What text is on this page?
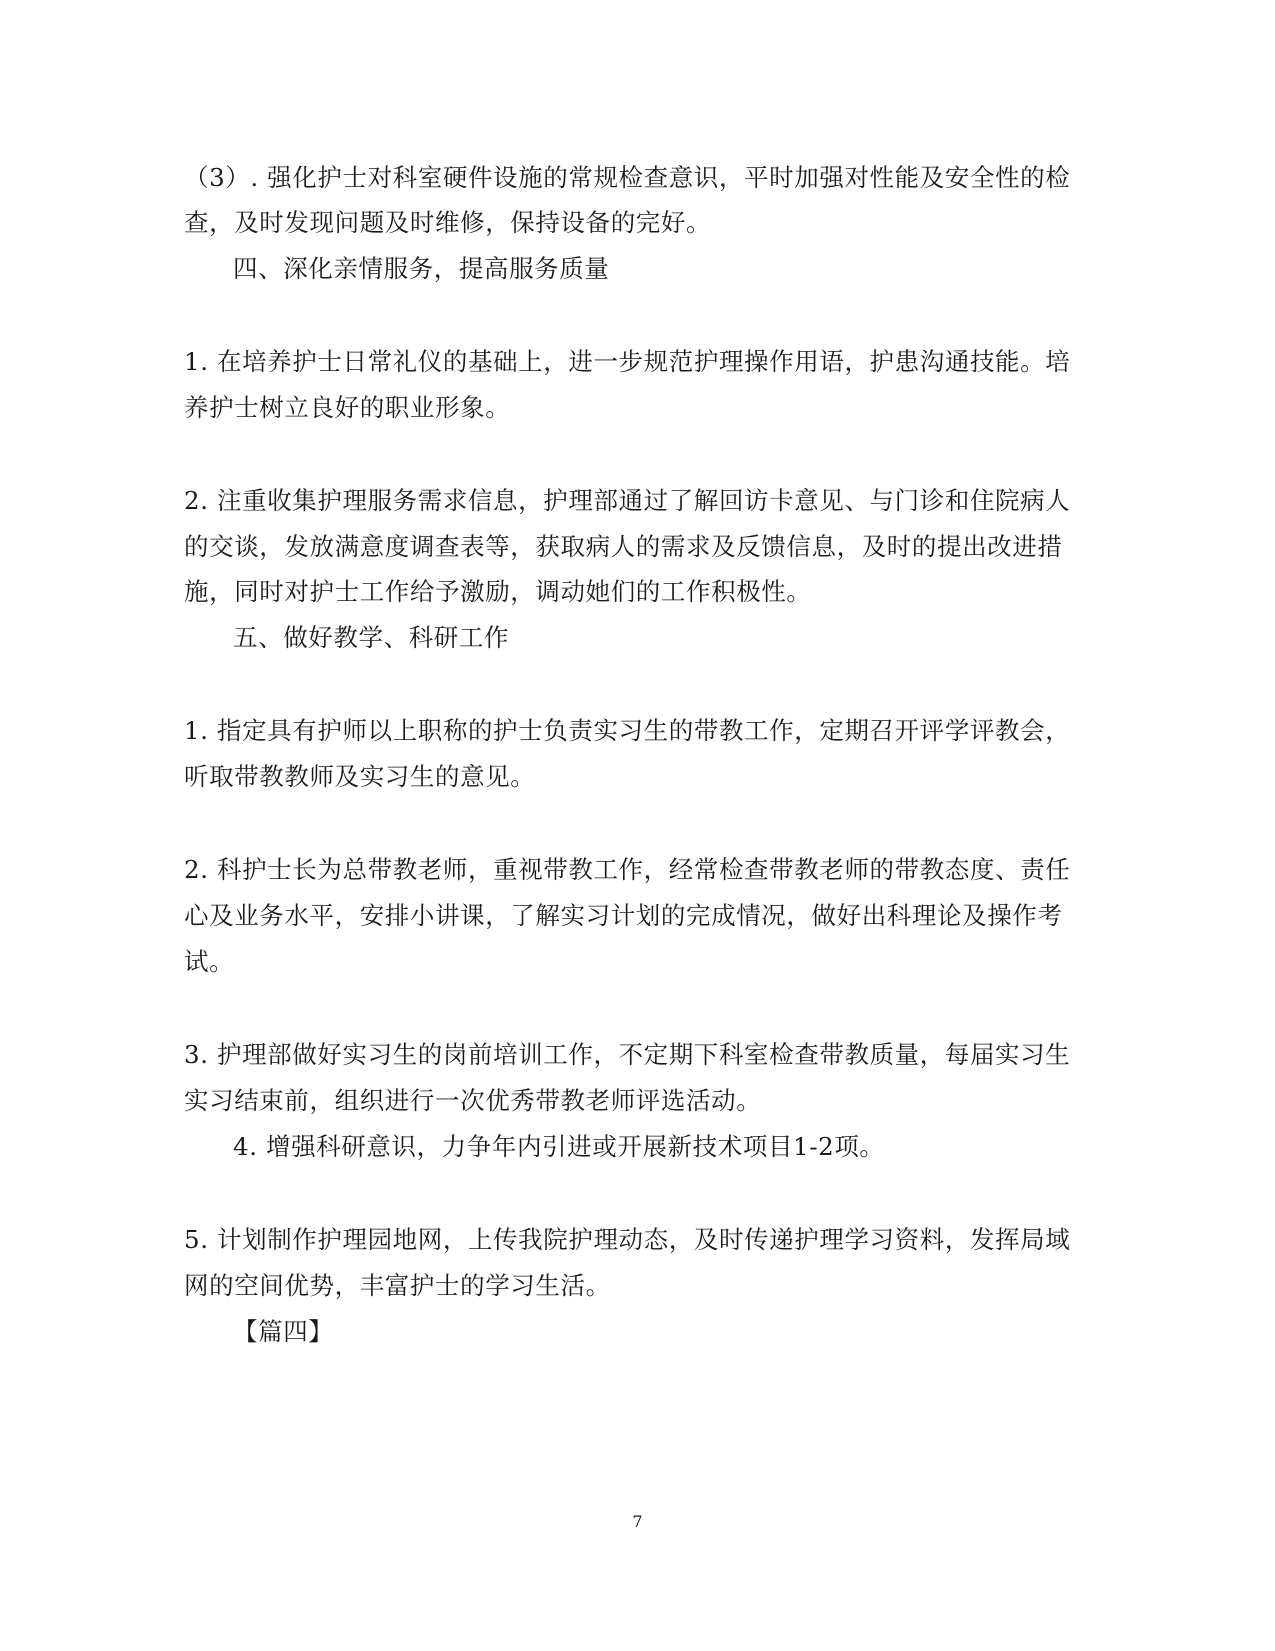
（3）. 强化护士对科室硬件设施的常规检查意识，平时加强对性能及安全性的检
查，及时发现问题及时维修，保持设备的完好。
四、深化亲情服务，提高服务质量
1. 在培养护士日常礼仪的基础上，进一步规范护理操作用语，护患沟通技能。培
养护士树立良好的职业形象。
2. 注重收集护理服务需求信息，护理部通过了解回访卡意见、与门诊和住院病人
的交谈，发放满意度调查表等，获取病人的需求及反馈信息，及时的提出改进措
施，同时对护士工作给予激励，调动她们的工作积极性。
五、做好教学、科研工作
1. 指定具有护师以上职称的护士负责实习生的带教工作，定期召开评学评教会，
听取带教教师及实习生的意见。
2. 科护士长为总带教老师，重视带教工作，经常检查带教老师的带教态度、责任
心及业务水平，安排小讲课，了解实习计划的完成情况，做好出科理论及操作考
试。
3. 护理部做好实习生的岗前培训工作，不定期下科室检查带教质量，每届实习生
实习结束前，组织进行一次优秀带教老师评选活动。
4. 增强科研意识，力争年内引进或开展新技术项目1-2项。
5. 计划制作护理园地网，上传我院护理动态，及时传递护理学习资料，发挥局域
网的空间优势，丰富护士的学习生活。
【篇四】
7
